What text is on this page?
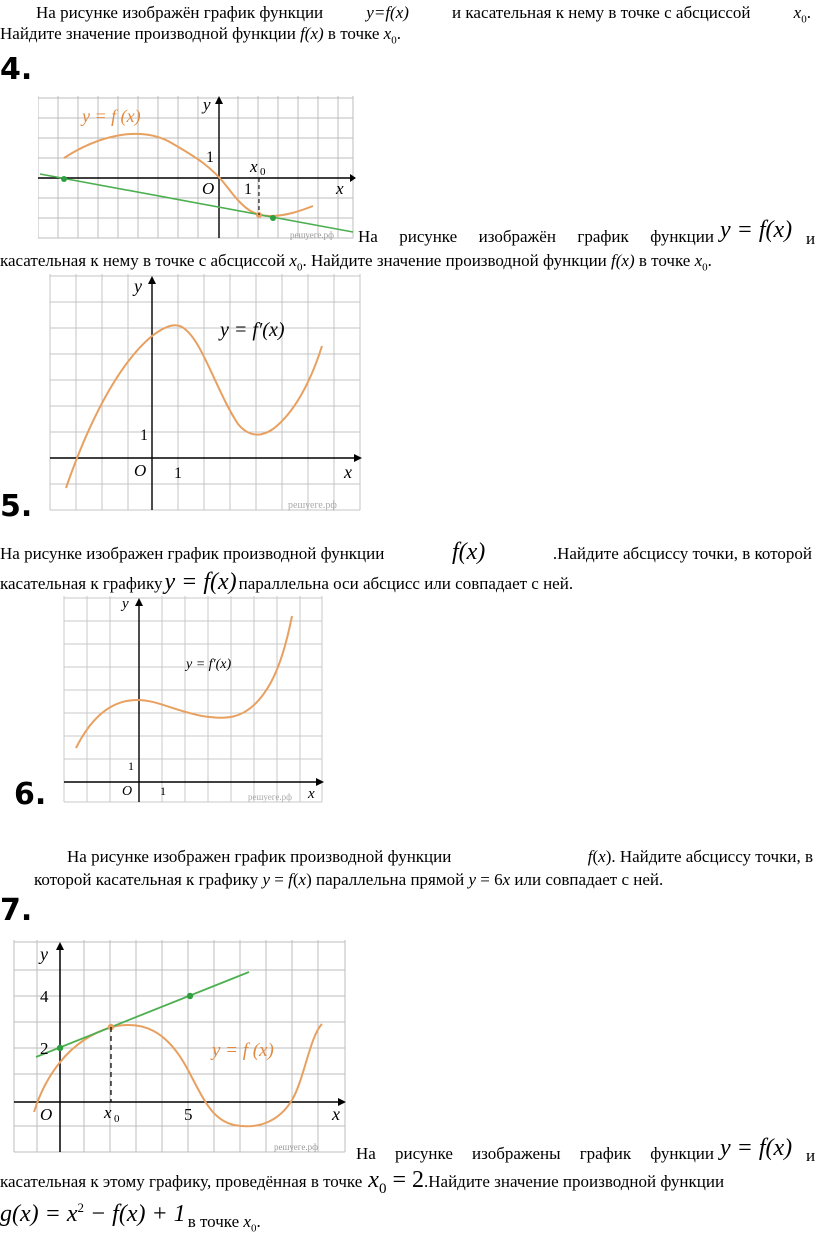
На рисунке изображён график функции	y=f(x)	и касательная к нему в точке с абсциссой	$x_0$.
Найдите значение производной функции f(x) в точке $x_0$.
4.
y = f (x)
y
x
1
1
O
x 0
решуеге.рф На рисунке изображён график функции y = f(x) и
касательная к нему в точке с абсциссой $x_0$. Найдите значение производной функции f(x) в точке $x_0$.
y = f′(x)
y
x
1
1
O
решуеге.рф
5.
На рисунке изображен график производной функции	f(x)	.Найдите абсциссу точки, в которой
касательная к графику y = f(x) параллельна оси абсцисс или совпадает с ней.
y = f′(x)
y
x
1
1
O	решуеге.рф
6.
На рисунке изображен график производной функции	f(x). Найдите абсциссу точки, в
которой касательная к графику y = f(x) параллельна прямой y = 6x или совпадает с ней.
7.
y = f (x)
y
x
4
2
5
O	x 0
решуеге.рф На рисунке изображены график функции y = f(x) и
касательная к этому графику, проведённая в точке $x_0 = 2$ .Найдите значение производной функции
$g(x) = x^2 - f(x) + 1$ в точке $x_0$.
